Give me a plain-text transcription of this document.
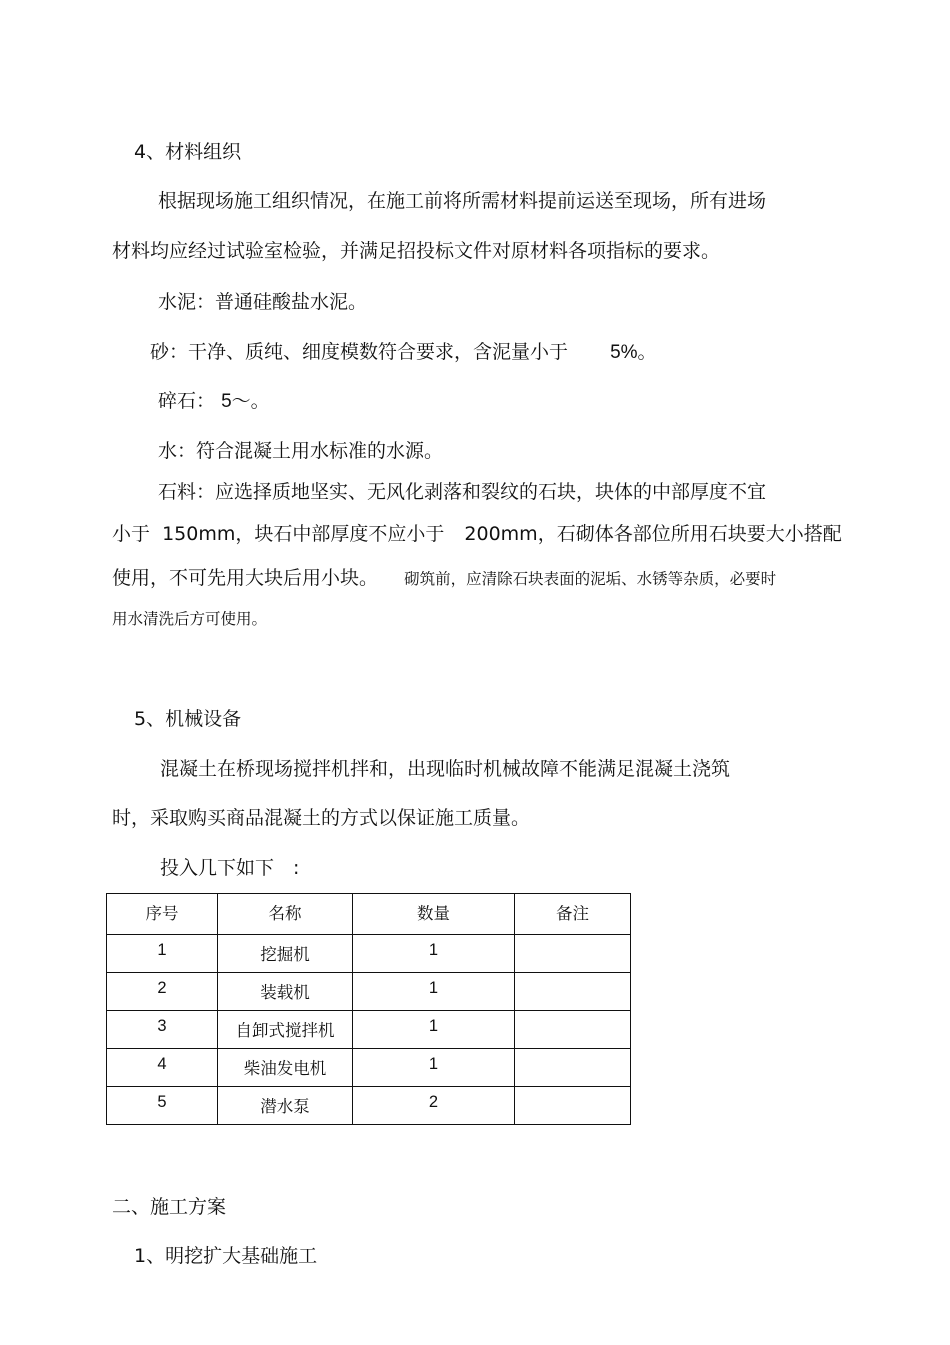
4、材料组织
根据现场施工组织情况，在施工前将所需材料提前运送至现场，所有进场
材料均应经过试验室检验，并满足招投标文件对原材料各项指标的要求。
水泥：普通硅酸盐水泥。
砂：干净、质纯、细度模数符合要求，含泥量小于 5%。
碎石： 5～。
水：符合混凝土用水标准的水源。
石料：应选择质地坚实、无风化剥落和裂纹的石块，块体的中部厚度不宜
小于 150mm，块石中部厚度不应小于 200mm，石砌体各部位所用石块要大小搭配
使用，不可先用大块后用小块。 砌筑前，应清除石块表面的泥垢、水锈等杂质，必要时
用水清洗后方可使用。
5、机械设备
混凝土在桥现场搅拌机拌和，出现临时机械故障不能满足混凝土浇筑
时，采取购买商品混凝土的方式以保证施工质量。
投入几下如下　:
序号	名称	数量	备注
1	挖掘机	1	
2	装载机	1	
3	自卸式搅拌机	1	
4	柴油发电机	1	
5	潜水泵	2	
二、施工方案
1、明挖扩大基础施工
